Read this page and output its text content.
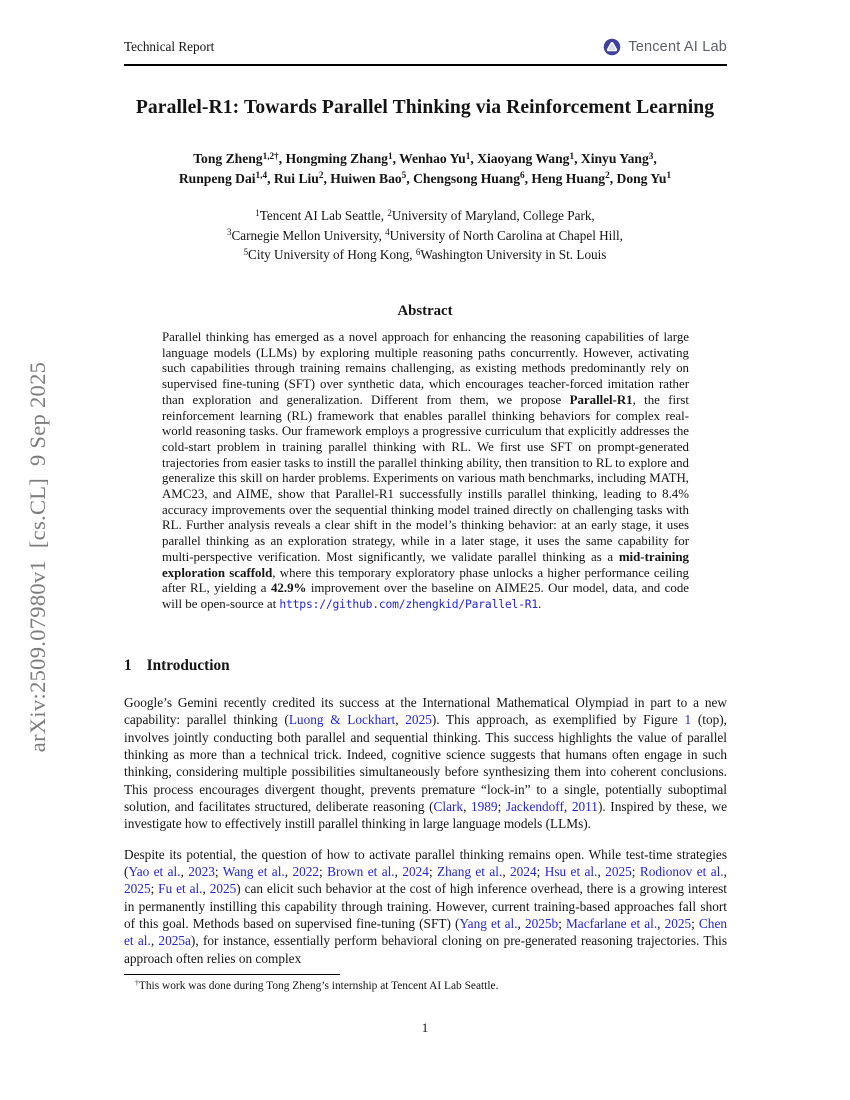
arXiv:2509.07980v1  [cs.CL]  9 Sep 2025
Technical Report	Tencent AI Lab
Parallel-R1: Towards Parallel Thinking via Reinforcement Learning
Tong Zheng$^{1,2\dagger}$, Hongming Zhang$^1$, Wenhao Yu$^1$, Xiaoyang Wang$^1$, Xinyu Yang$^3$,
Runpeng Dai$^{1,4}$, Rui Liu$^2$, Huiwen Bao$^5$, Chengsong Huang$^6$, Heng Huang$^2$, Dong Yu$^1$
$^1$Tencent AI Lab Seattle, $^2$University of Maryland, College Park,
$^3$Carnegie Mellon University, $^4$University of North Carolina at Chapel Hill,
$^5$City University of Hong Kong, $^6$Washington University in St. Louis
Abstract

Parallel thinking has emerged as a novel approach for enhancing the reasoning capabilities of large language models (LLMs) by exploring multiple reasoning paths concurrently. However, activating such capabilities through training remains challenging, as existing methods predominantly rely on supervised fine-tuning (SFT) over synthetic data, which encourages teacher-forced imitation rather than exploration and generalization. Different from them, we propose Parallel-R1, the first reinforcement learning (RL) framework that enables parallel thinking behaviors for complex real-world reasoning tasks. Our framework employs a progressive curriculum that explicitly addresses the cold-start problem in training parallel thinking with RL. We first use SFT on prompt-generated trajectories from easier tasks to instill the parallel thinking ability, then transition to RL to explore and generalize this skill on harder problems. Experiments on various math benchmarks, including MATH, AMC23, and AIME, show that Parallel-R1 successfully instills parallel thinking, leading to 8.4% accuracy improvements over the sequential thinking model trained directly on challenging tasks with RL. Further analysis reveals a clear shift in the model’s thinking behavior: at an early stage, it uses parallel thinking as an exploration strategy, while in a later stage, it uses the same capability for multi-perspective verification. Most significantly, we validate parallel thinking as a mid-training exploration scaffold, where this temporary exploratory phase unlocks a higher performance ceiling after RL, yielding a 42.9% improvement over the baseline on AIME25. Our model, data, and code will be open-source at https://github.com/zhengkid/Parallel-R1.

1 Introduction

Google’s Gemini recently credited its success at the International Mathematical Olympiad in part to a new capability: parallel thinking (Luong & Lockhart, 2025). This approach, as exemplified by Figure 1 (top), involves jointly conducting both parallel and sequential thinking. This success highlights the value of parallel thinking as more than a technical trick. Indeed, cognitive science suggests that humans often engage in such thinking, considering multiple possibilities simultaneously before synthesizing them into coherent conclusions. This process encourages divergent thought, prevents premature “lock-in” to a single, potentially suboptimal solution, and facilitates structured, deliberate reasoning (Clark, 1989; Jackendoff, 2011). Inspired by these, we investigate how to effectively instill parallel thinking in large language models (LLMs).

Despite its potential, the question of how to activate parallel thinking remains open. While test-time strategies (Yao et al., 2023; Wang et al., 2022; Brown et al., 2024; Zhang et al., 2024; Hsu et al., 2025; Rodionov et al., 2025; Fu et al., 2025) can elicit such behavior at the cost of high inference overhead, there is a growing interest in permanently instilling this capability through training. However, current training-based approaches fall short of this goal. Methods based on supervised fine-tuning (SFT) (Yang et al., 2025b; Macfarlane et al., 2025; Chen et al., 2025a), for instance, essentially perform behavioral cloning on pre-generated reasoning trajectories. This approach often relies on complex

†This work was done during Tong Zheng’s internship at Tencent AI Lab Seattle.

1
